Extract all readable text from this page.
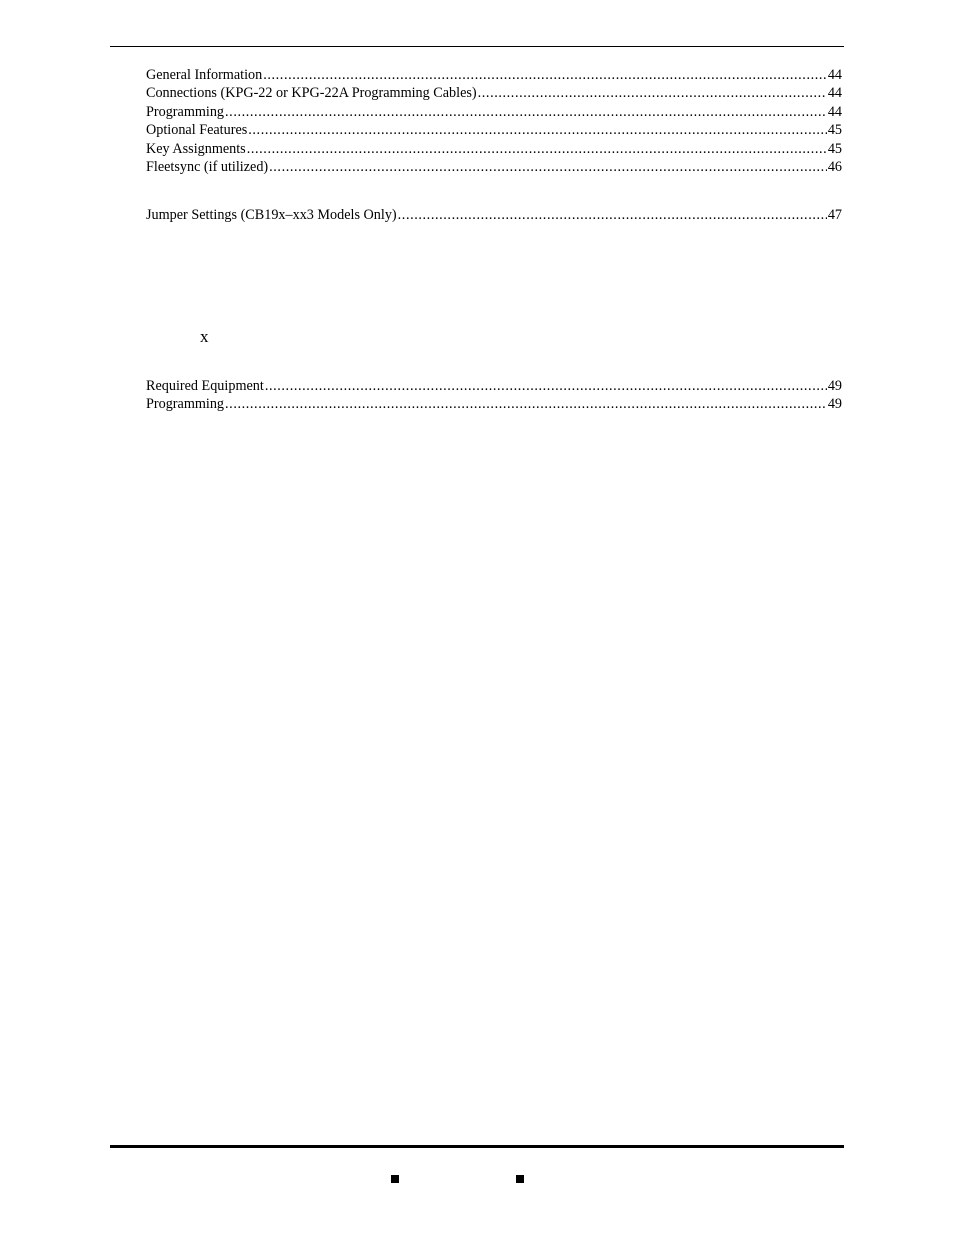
General Information .....	44
Connections (KPG-22 or KPG-22A Programming Cables) .....	44
Programming .....	44
Optional Features .....	45
Key Assignments .....	45
Fleetsync (if utilized) .....	46
Jumper Settings (CB19x–xx3 Models Only) .....	47
x
Required Equipment .....	49
Programming .....	49
